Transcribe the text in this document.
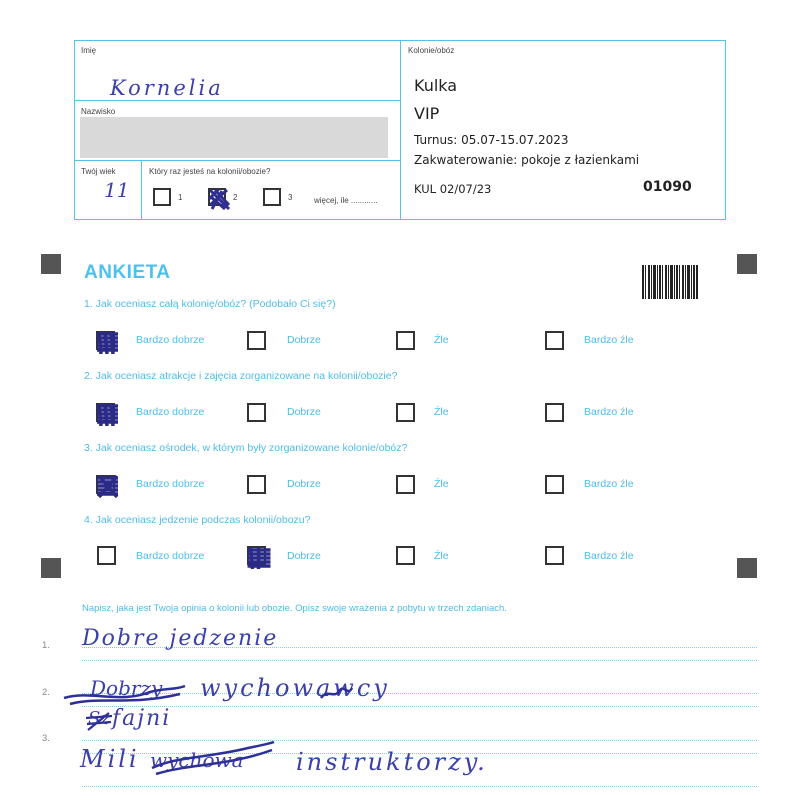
Imię
Kornelia
Nazwisko
Twój wiek
11
Który raz jesteś na kolonii/obozie?
1	2	3	więcej, ile ............
Kolonie/obóz
Kulka
VIP
Turnus: 05.07-15.07.2023
Zakwaterowanie: pokoje z łazienkami
KUL 02/07/23	01090
ANKIETA
1. Jak oceniasz całą kolonię/obóz? (Podobało Ci się?)
Bardzo dobrze	Dobrze	Źle	Bardzo źle
2. Jak oceniasz atrakcje i zajęcia zorganizowane na kolonii/obozie?
Bardzo dobrze	Dobrze	Źle	Bardzo źle
3. Jak oceniasz ośrodek, w którym były zorganizowane kolonie/obóz?
Bardzo dobrze	Dobrze	Źle	Bardzo źle
4. Jak oceniasz jedzenie podczas kolonii/obozu?
Bardzo dobrze	Dobrze	Źle	Bardzo źle
Napisz, jaka jest Twoja opinia o kolonii lub obozie. Opisz swoje wrażenia z pobytu w trzech zdaniach.
1.
2.
3.
Dobre jedzenie
Dobrzy wychowawcy
Sz fajni
Mili wychowa instruktorzy.
